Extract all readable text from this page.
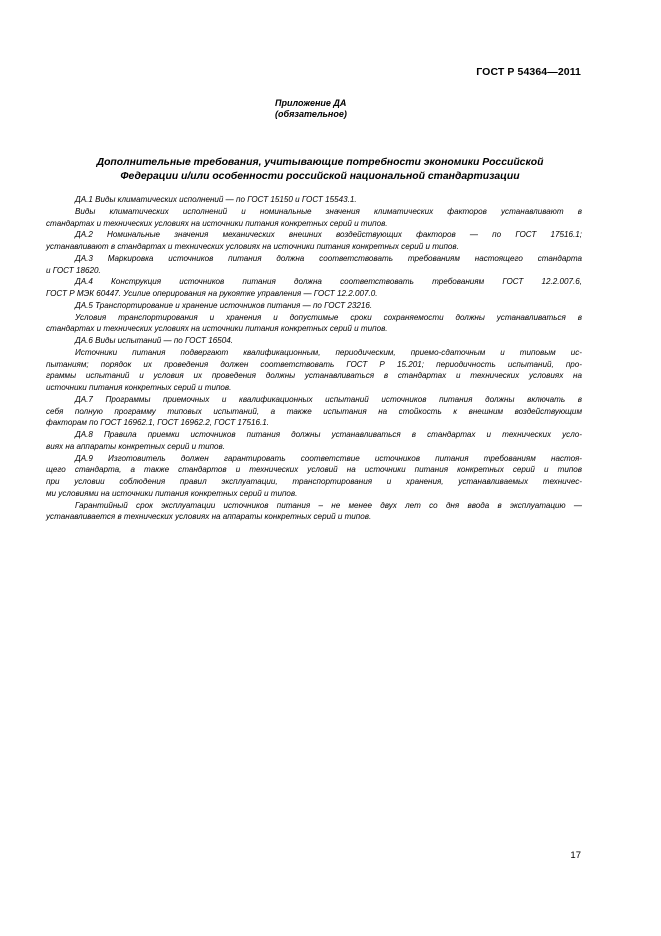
ГОСТ Р 54364—2011
Приложение ДА
(обязательное)
Дополнительные требования, учитывающие потребности экономики Российской
Федерации и/или особенности российской национальной стандартизации

ДА.1 Виды климатических исполнений — по ГОСТ 15150 и ГОСТ 15543.1.

Виды климатических исполнений и номинальные значения климатических факторов устанавливают в

стандартах и технических условиях на источники питания конкретных серий и типов.

ДА.2 Номинальные значения механических внешних воздействующих факторов — по ГОСТ 17516.1;

устанавливают в стандартах и технических условиях на источники питания конкретных серий и типов.

ДА.3 Маркировка источников питания должна соответствовать требованиям настоящего стандарта

и ГОСТ 18620.

ДА.4 Конструкция источников питания должна соответствовать требованиям ГОСТ 12.2.007.6,

ГОСТ Р МЭК 60447. Усилие оперирования на рукоятке управления — ГОСТ 12.2.007.0.

ДА.5 Транспортирование и хранение источников питания — по ГОСТ 23216.

Условия транспортирования и хранения и допустимые сроки сохраняемости должны устанавливаться в

стандартах и технических условиях на источники питания конкретных серий и типов.

ДА.6 Виды испытаний — по ГОСТ 16504.

Источники питания подвергают квалификационным, периодическим, приемо-сдаточным и типовым ис-

пытаниям; порядок их проведения должен соответствовать ГОСТ Р 15.201; периодичность испытаний, про-

граммы испытаний и условия их проведения должны устанавливаться в стандартах и технических условиях на

источники питания конкретных серий и типов.

ДА.7 Программы приемочных и квалификационных испытаний источников питания должны включать в

себя полную программу типовых испытаний, а также испытания на стойкость к внешним воздействующим

факторам по ГОСТ 16962.1, ГОСТ 16962.2, ГОСТ 17516.1.

ДА.8 Правила приемки источников питания должны устанавливаться в стандартах и технических усло-

виях на аппараты конкретных серий и типов.

ДА.9 Изготовитель должен гарантировать соответствие источников питания требованиям настоя-

щего стандарта, а также стандартов и технических условий на источники питания конкретных серий и типов

при условии соблюдения правил эксплуатации, транспортирования и хранения, устанавливаемых техничес-

ми условиями на источники питания конкретных серий и типов.

Гарантийный срок эксплуатации источников питания – не менее двух лет со дня ввода в эксплуатацию —

устанавливается в технических условиях на аппараты конкретных серий и типов.

17
